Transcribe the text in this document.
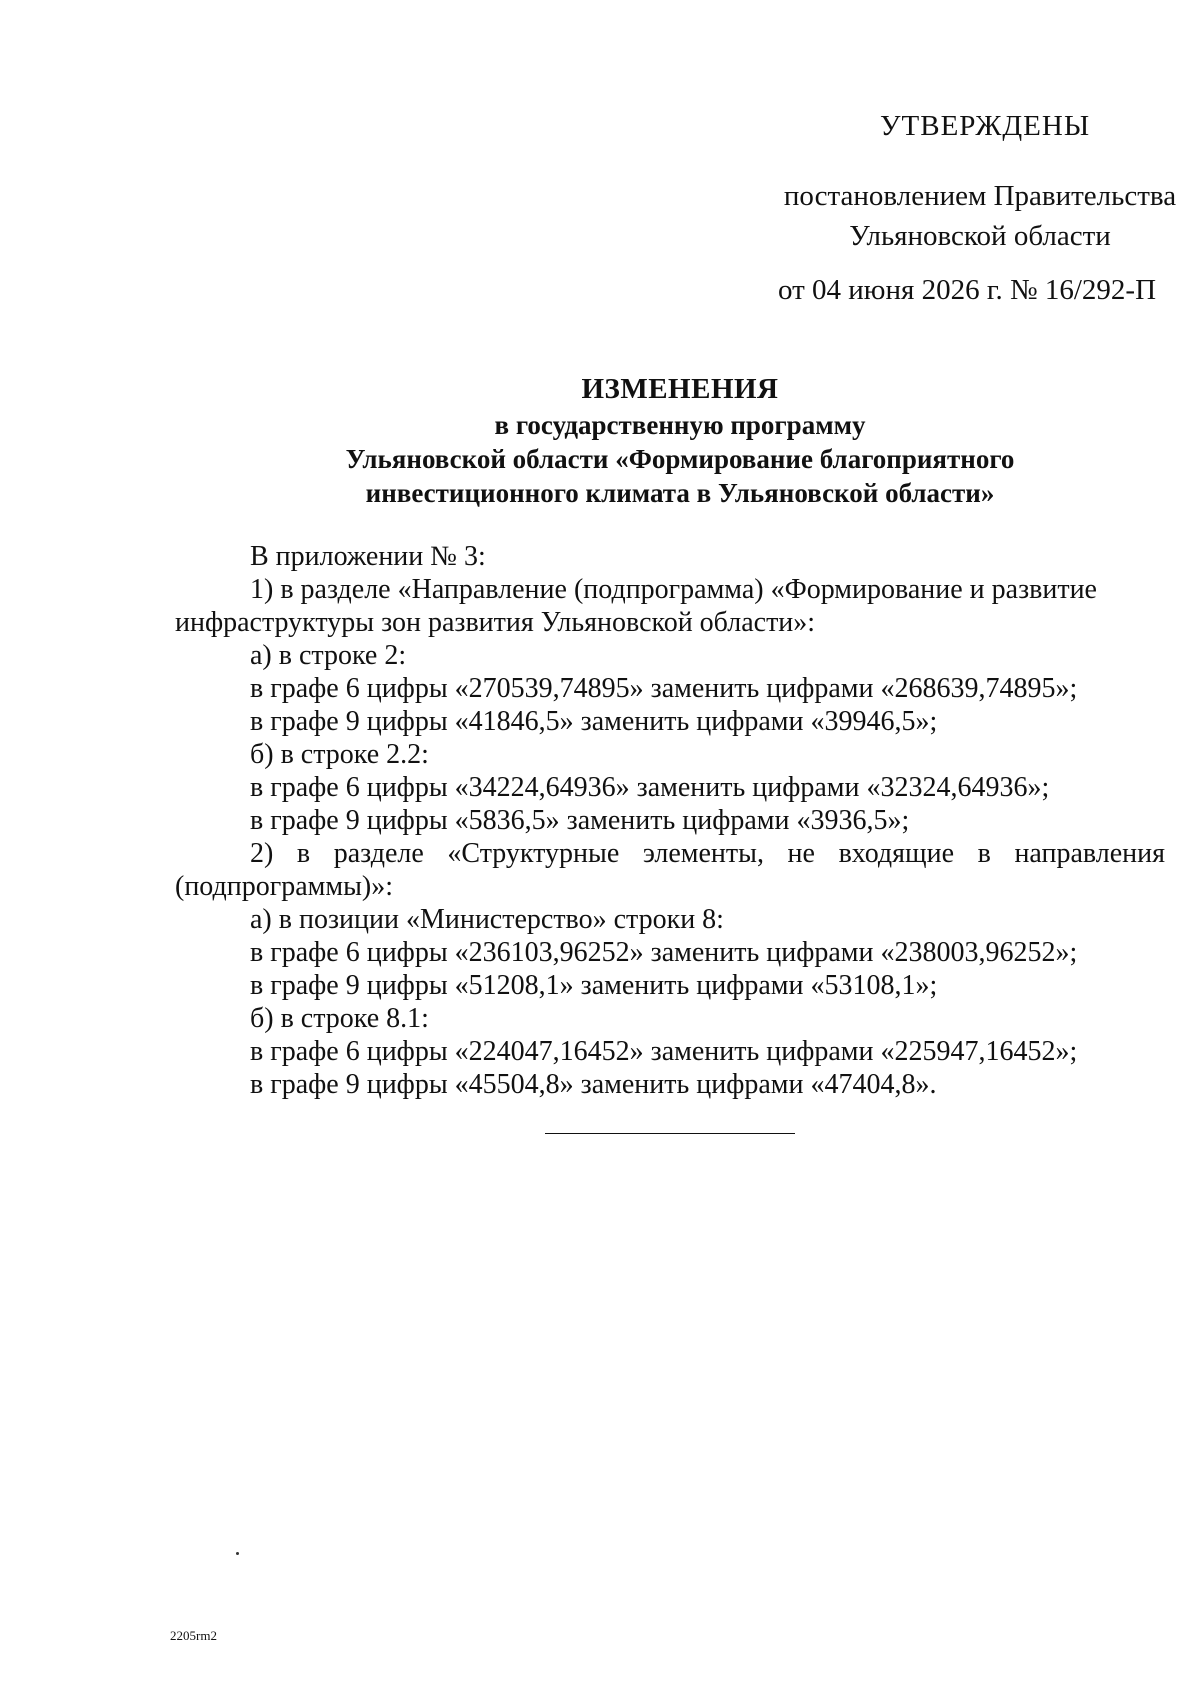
УТВЕРЖДЕНЫ
постановлением Правительства
Ульяновской области
от 04 июня 2026 г. № 16/292-П
ИЗМЕНЕНИЯ
в государственную программу
Ульяновской области «Формирование благоприятного
инвестиционного климата в Ульяновской области»

В приложении № 3:

1) в разделе «Направление (подпрограмма) «Формирование и развитие

инфраструктуры зон развития Ульяновской области»:

а) в строке 2:

в графе 6 цифры «270539,74895» заменить цифрами «268639,74895»;

в графе 9 цифры «41846,5» заменить цифрами «39946,5»;

б) в строке 2.2:

в графе 6 цифры «34224,64936» заменить цифрами «32324,64936»;

в графе 9 цифры «5836,5» заменить цифрами «3936,5»;

2) в разделе «Структурные элементы, не входящие в направления

(подпрограммы)»:

а) в позиции «Министерство» строки 8:

в графе 6 цифры «236103,96252» заменить цифрами «238003,96252»;

в графе 9 цифры «51208,1» заменить цифрами «53108,1»;

б) в строке 8.1:

в графе 6 цифры «224047,16452» заменить цифрами «225947,16452»;

в графе 9 цифры «45504,8» заменить цифрами «47404,8».

2205rm2
